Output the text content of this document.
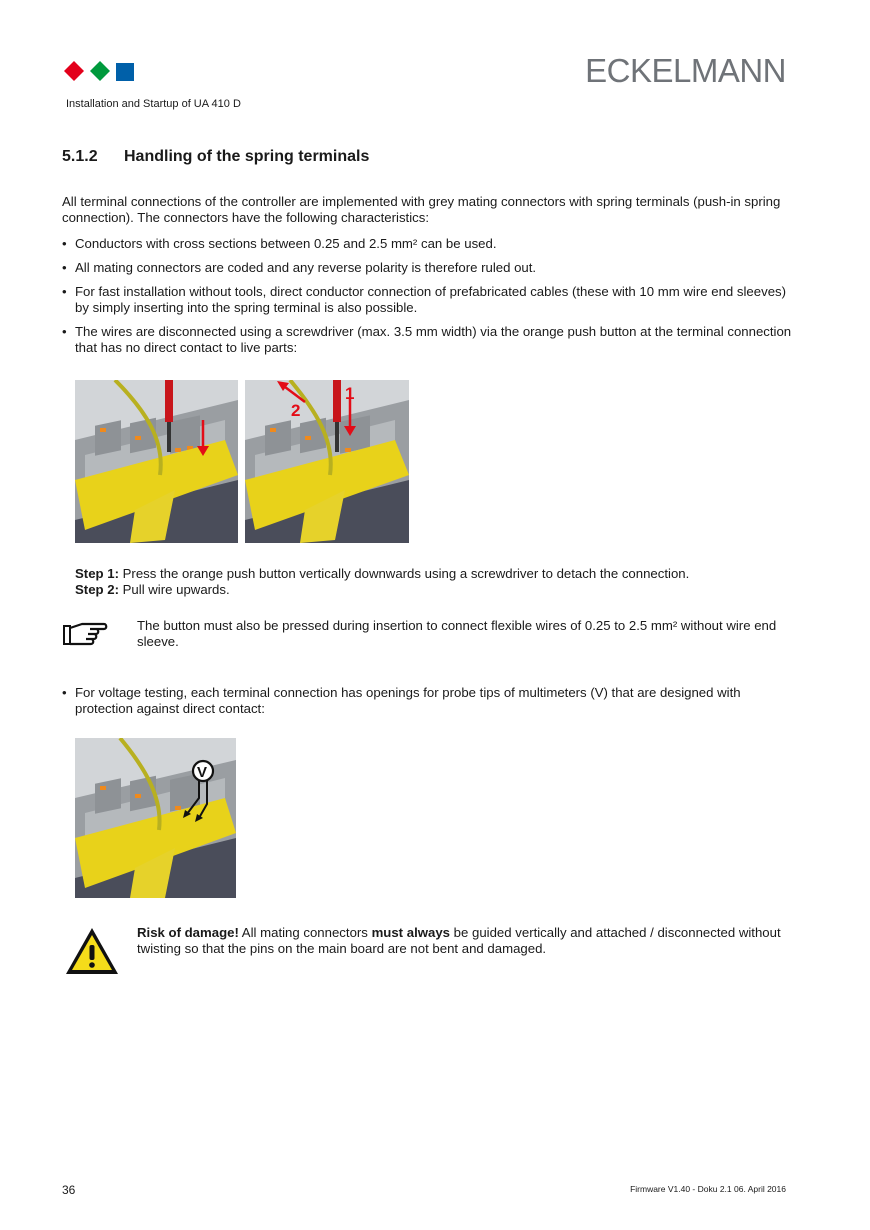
ECKELMANN
Installation and Startup of UA 410 D
5.1.2 Handling of the spring terminals
All terminal connections of the controller are implemented with grey mating connectors with spring terminals (push-in spring connection). The connectors have the following characteristics:
• Conductors with cross sections between 0.25 and 2.5 mm² can be used.
• All mating connectors are coded and any reverse polarity is therefore ruled out.
• For fast installation without tools, direct conductor connection of prefabricated cables (these with 10 mm wire end sleeves) by simply inserting into the spring terminal is also possible.
• The wires are disconnected using a screwdriver (max. 3.5 mm width) via the orange push button at the terminal connection that has no direct contact to live parts:
1
2
Step 1: Press the orange push button vertically downwards using a screwdriver to detach the connection.
Step 2: Pull wire upwards.
The button must also be pressed during insertion to connect flexible wires of 0.25 to 2.5 mm² without wire end sleeve.
• For voltage testing, each terminal connection has openings for probe tips of multimeters (V) that are designed with protection against direct contact:
V
Risk of damage! All mating connectors must always be guided vertically and attached / disconnected without twisting so that the pins on the main board are not bent and damaged.
36	Firmware V1.40 - Doku 2.1 06. April 2016
